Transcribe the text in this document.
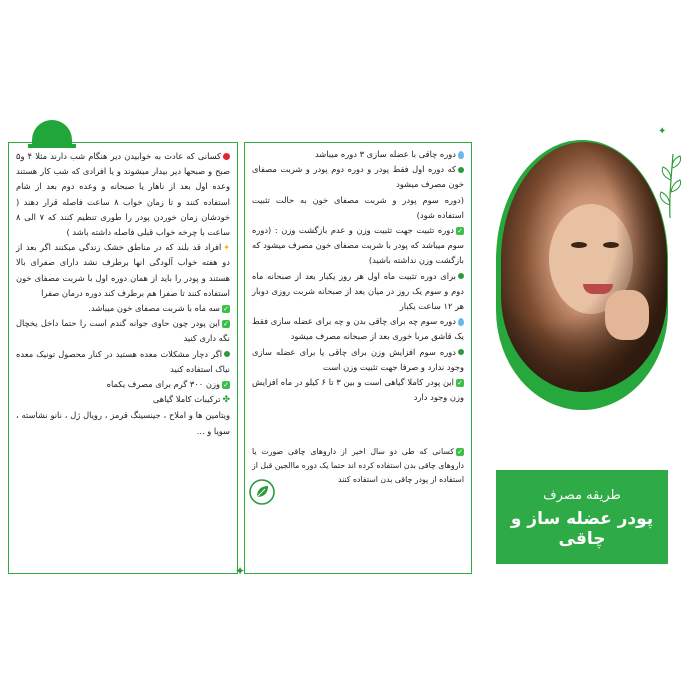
کسانی که عادت به خوابیدن دیر هنگام شب دارند مثلا ۴ و۵ صبح و صبحها دیر بیدار میشوند و یا افرادی که شب کار هستند وعده اول بعد از ناهار یا صبحانه و وعده دوم بعد از شام استفاده کنند و تا زمان خواب ۸ ساعت فاصله قرار دهند ( خودشان زمان خوردن پودر را طوری تنظیم کنند که ۷ الی ۸ ساعت با چرخه خواب قبلی فاصله داشته باشد )

✦افراد قد بلند که در مناطق خشک زندگی میکنند اگر بعد از دو هفته خواب آلودگی انها برطرف نشد دارای صفرای بالا هستند و پودر را باید از همان دوره اول با شربت مصفای خون استفاده کنند تا صفرا هم برطرف کند دوره درمان صفرا

✓سه ماه با شربت مصفای خون میباشد.

✓این پودر چون حاوی جوانه گندم است را حتما داخل یخچال نگه داری کنید

اگر دچار مشکلات معده هستید در کنار محصول تونیک معده نیاک استفاده کنید

✓وزن ۳۰۰ گرم برای مصرف یکماه

✤ترکیبات کاملا گیاهی

ویتامین ها و املاح ، جینسینگ قرمز ، رویال ژل ، نانو نشاسته ، سویا و ...

دوره چاقی با عضله سازی ۳ دوره میباشد

که دوره اول فقط پودر و دوره دوم پودر و شربت مصفای خون مصرف میشود

(دوره سوم پودر و شربت مصفای خون به حالت تثبیت استفاده شود)

✓دوره تثبیت جهت تثبیت وزن و عدم بازگشت وزن : (دوره سوم میباشد که پودر با شربت مصفای خون مصرف میشود که بازگشت وزن نداشته باشید)

برای دوره تثبیت ماه اول هر روز یکبار بعد از صبحانه ماه دوم و سوم یک روز در میان بعد از صبحانه شربت روزی دوبار هر ۱۲ ساعت یکبار

دوره سوم چه برای چاقی بدن و چه برای عضله سازی فقط یک قاشق مربا خوری بعد از صبحانه مصرف میشود

دوره سوم افزایش وزن برای چاقی یا برای عضله سازی وجود ندارد و صرفا جهت تثبیت وزن است

✓این پودر کاملا گیاهی است و بین ۳ تا ۶ کیلو در ماه افزایش وزن وجود دارد

✓کسانی که طی دو سال اخیر از داروهای چاقی صورت یا داروهای چاقی بدن استفاده کرده اند حتما یک دوره ماالجین قبل از استفاده از پودر چاقی بدن استفاده کنند

✦
✦
طریقه مصرف
پودر عضله ساز و چاقی
